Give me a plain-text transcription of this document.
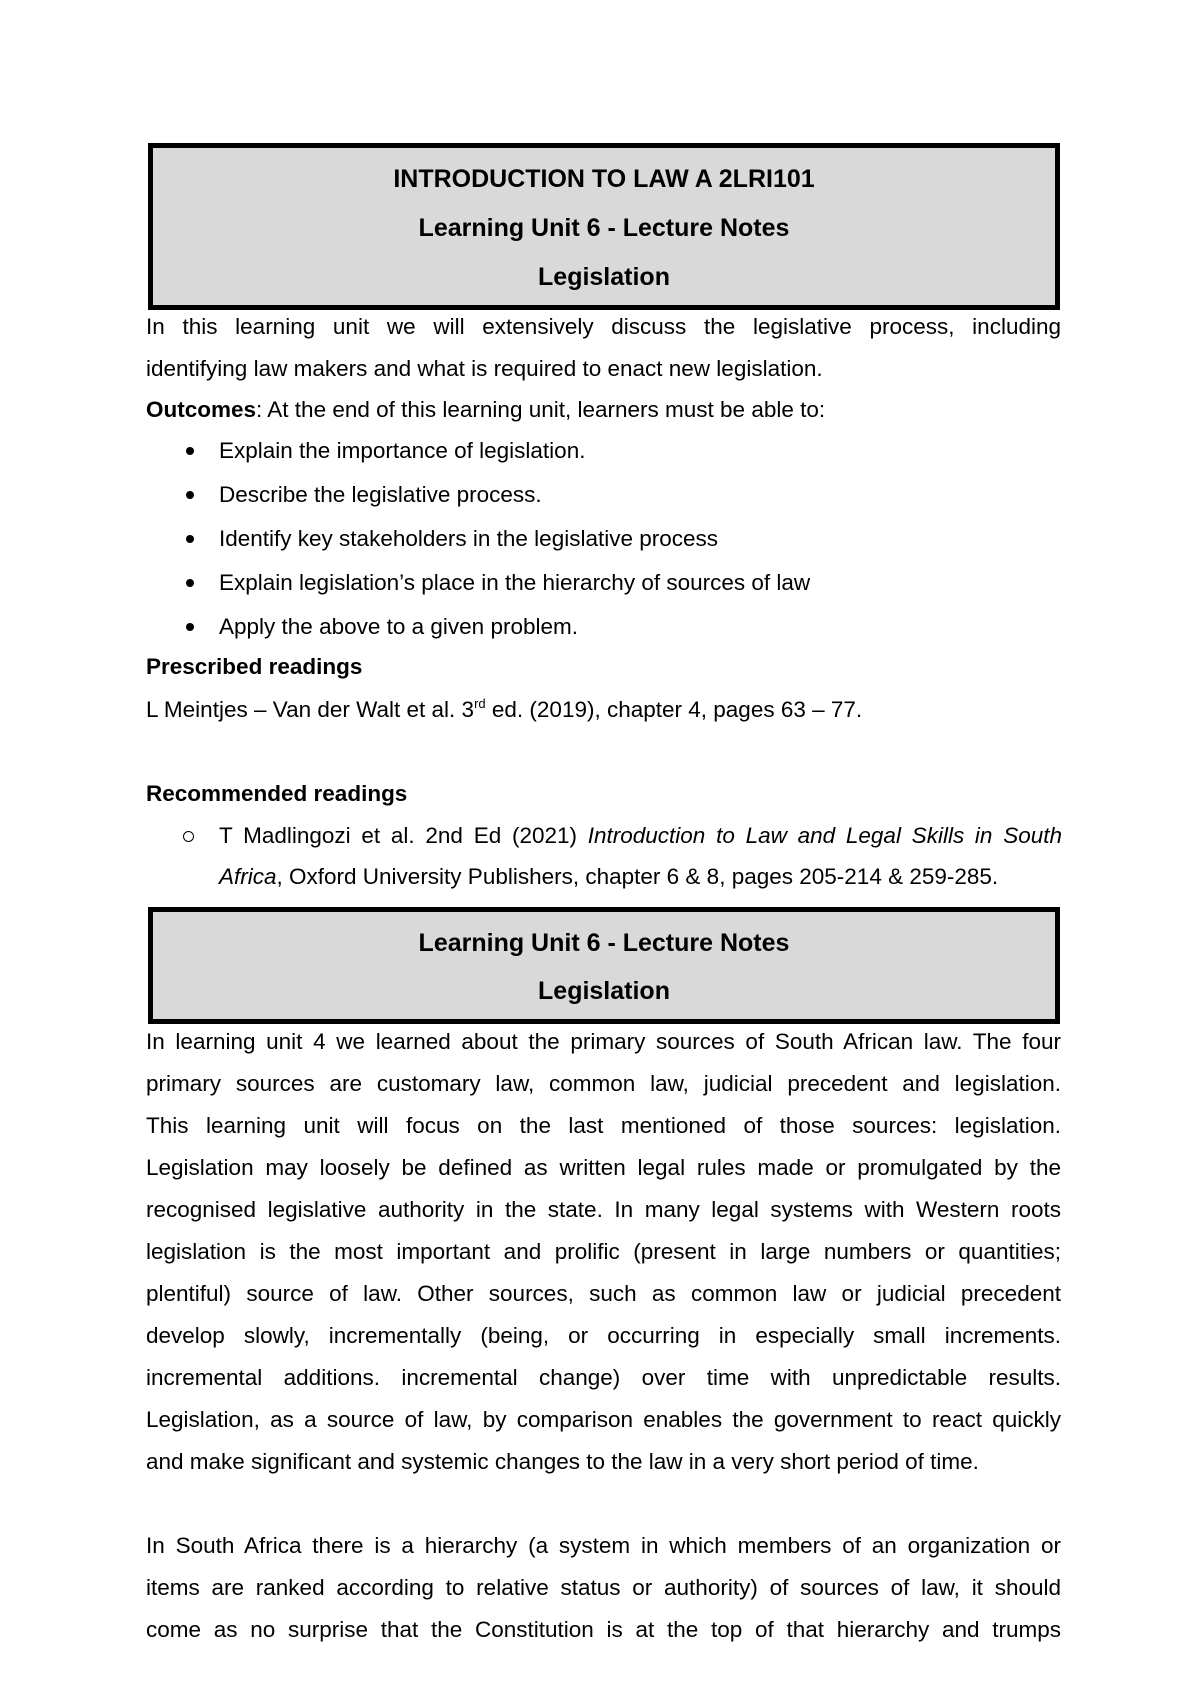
INTRODUCTION TO LAW A 2LRI101
Learning Unit 6 - Lecture Notes
Legislation
In this learning unit we will extensively discuss the legislative process, including
identifying law makers and what is required to enact new legislation.
Outcomes: At the end of this learning unit, learners must be able to:
Explain the importance of legislation.
Describe the legislative process.
Identify key stakeholders in the legislative process
Explain legislation’s place in the hierarchy of sources of law
Apply the above to a given problem.
Prescribed readings
L Meintjes – Van der Walt et al. 3rd ed. (2019), chapter 4, pages 63 – 77.
Recommended readings
T Madlingozi et al. 2nd Ed (2021) Introduction to Law and Legal Skills in South
Africa, Oxford University Publishers, chapter 6 & 8, pages 205-214 & 259-285.
Learning Unit 6 - Lecture Notes
Legislation
In learning unit 4 we learned about the primary sources of South African law. The four
primary sources are customary law, common law, judicial precedent and legislation.
This learning unit will focus on the last mentioned of those sources: legislation.
Legislation may loosely be defined as written legal rules made or promulgated by the
recognised legislative authority in the state. In many legal systems with Western roots
legislation is the most important and prolific (present in large numbers or quantities;
plentiful) source of law. Other sources, such as common law or judicial precedent
develop slowly, incrementally (being, or occurring in especially small increments.
incremental additions. incremental change) over time with unpredictable results.
Legislation, as a source of law, by comparison enables the government to react quickly
and make significant and systemic changes to the law in a very short period of time.
In South Africa there is a hierarchy (a system in which members of an organization or
items are ranked according to relative status or authority) of sources of law, it should
come as no surprise that the Constitution is at the top of that hierarchy and trumps
